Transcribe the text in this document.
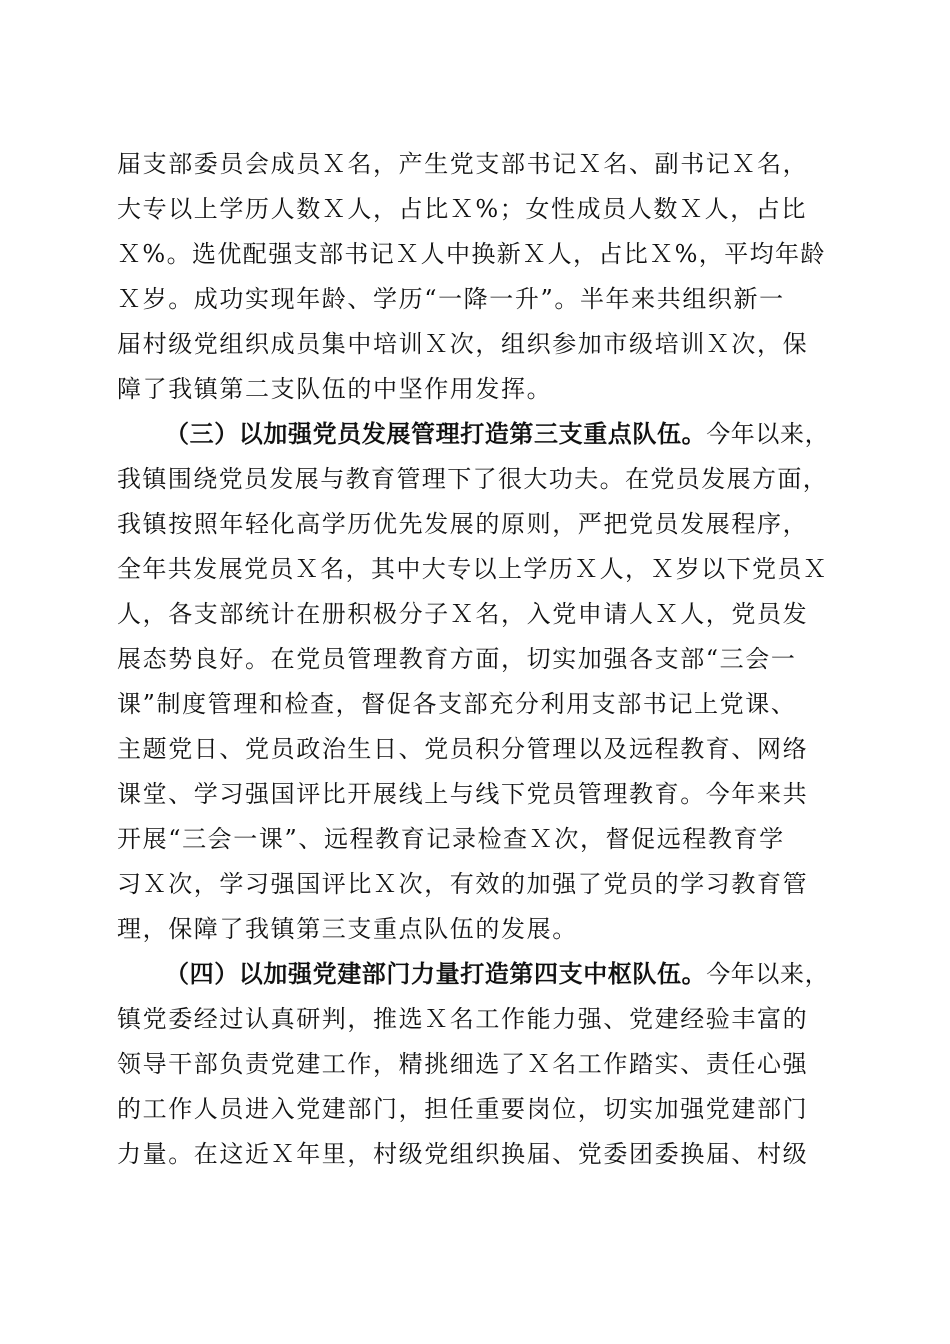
届支部委员会成员Ｘ名，产生党支部书记Ｘ名、副书记Ｘ名，
大专以上学历人数Ｘ人，占比Ｘ%；女性成员人数Ｘ人，占比
Ｘ%。选优配强支部书记Ｘ人中换新Ｘ人，占比Ｘ%，平均年龄
Ｘ岁。成功实现年龄、学历“一降一升”。半年来共组织新一
届村级党组织成员集中培训Ｘ次，组织参加市级培训Ｘ次，保
障了我镇第二支队伍的中坚作用发挥。
（三）以加强党员发展管理打造第三支重点队伍。今年以来，
我镇围绕党员发展与教育管理下了很大功夫。在党员发展方面，
我镇按照年轻化高学历优先发展的原则，严把党员发展程序，
全年共发展党员Ｘ名，其中大专以上学历Ｘ人，Ｘ岁以下党员Ｘ
人，各支部统计在册积极分子Ｘ名，入党申请人Ｘ人，党员发
展态势良好。在党员管理教育方面，切实加强各支部“三会一
课”制度管理和检查，督促各支部充分利用支部书记上党课、
主题党日、党员政治生日、党员积分管理以及远程教育、网络
课堂、学习强国评比开展线上与线下党员管理教育。今年来共
开展“三会一课”、远程教育记录检查Ｘ次，督促远程教育学
习Ｘ次，学习强国评比Ｘ次，有效的加强了党员的学习教育管
理，保障了我镇第三支重点队伍的发展。
（四）以加强党建部门力量打造第四支中枢队伍。今年以来，
镇党委经过认真研判，推选Ｘ名工作能力强、党建经验丰富的
领导干部负责党建工作，精挑细选了Ｘ名工作踏实、责任心强
的工作人员进入党建部门，担任重要岗位，切实加强党建部门
力量。在这近Ｘ年里，村级党组织换届、党委团委换届、村级
